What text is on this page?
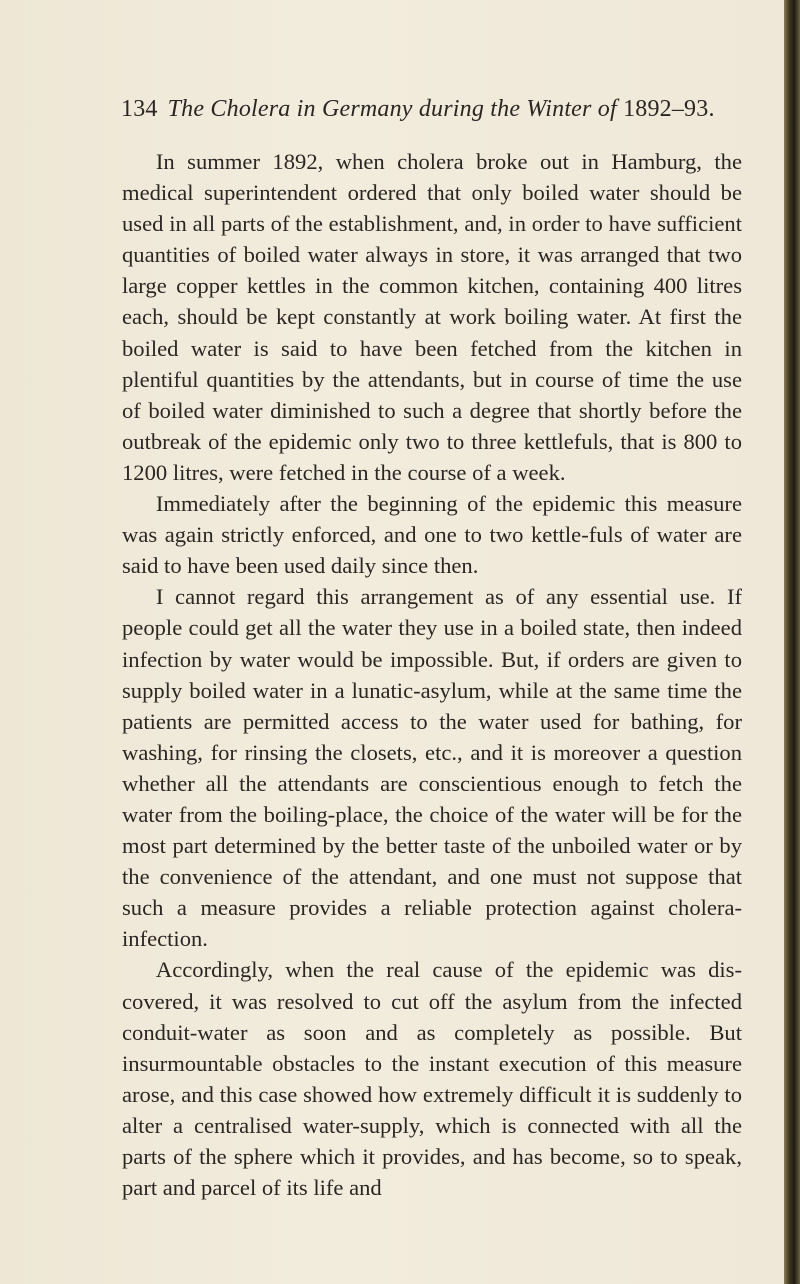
134 The Cholera in Germany during the Winter of 1892–93.

In summer 1892, when cholera broke out in Hamburg, the medical superintendent ordered that only boiled water should be used in all parts of the establishment, and, in order to have sufficient quantities of boiled water always in store, it was arranged that two large copper kettles in the common kitchen, containing 400 litres each, should be kept constantly at work boiling water. At first the boiled water is said to have been fetched from the kitchen in plentiful quantities by the attendants, but in course of time the use of boiled water diminished to such a degree that shortly before the outbreak of the epidemic only two to three kettlefuls, that is 800 to 1200 litres, were fetched in the course of a week.

Immediately after the beginning of the epidemic this measure was again strictly enforced, and one to two kettle-fuls of water are said to have been used daily since then.

I cannot regard this arrangement as of any essential use. If people could get all the water they use in a boiled state, then indeed infection by water would be impossible. But, if orders are given to supply boiled water in a lunatic-asylum, while at the same time the patients are permitted access to the water used for bathing, for washing, for rinsing the closets, etc., and it is moreover a question whether all the attendants are conscientious enough to fetch the water from the boiling-place, the choice of the water will be for the most part determined by the better taste of the unboiled water or by the convenience of the attendant, and one must not suppose that such a measure provides a reliable protection against cholera-infection.

Accordingly, when the real cause of the epidemic was dis-covered, it was resolved to cut off the asylum from the infected conduit-water as soon and as completely as possible. But insurmountable obstacles to the instant execution of this measure arose, and this case showed how extremely difficult it is suddenly to alter a centralised water-supply, which is connected with all the parts of the sphere which it provides, and has become, so to speak, part and parcel of its life and
